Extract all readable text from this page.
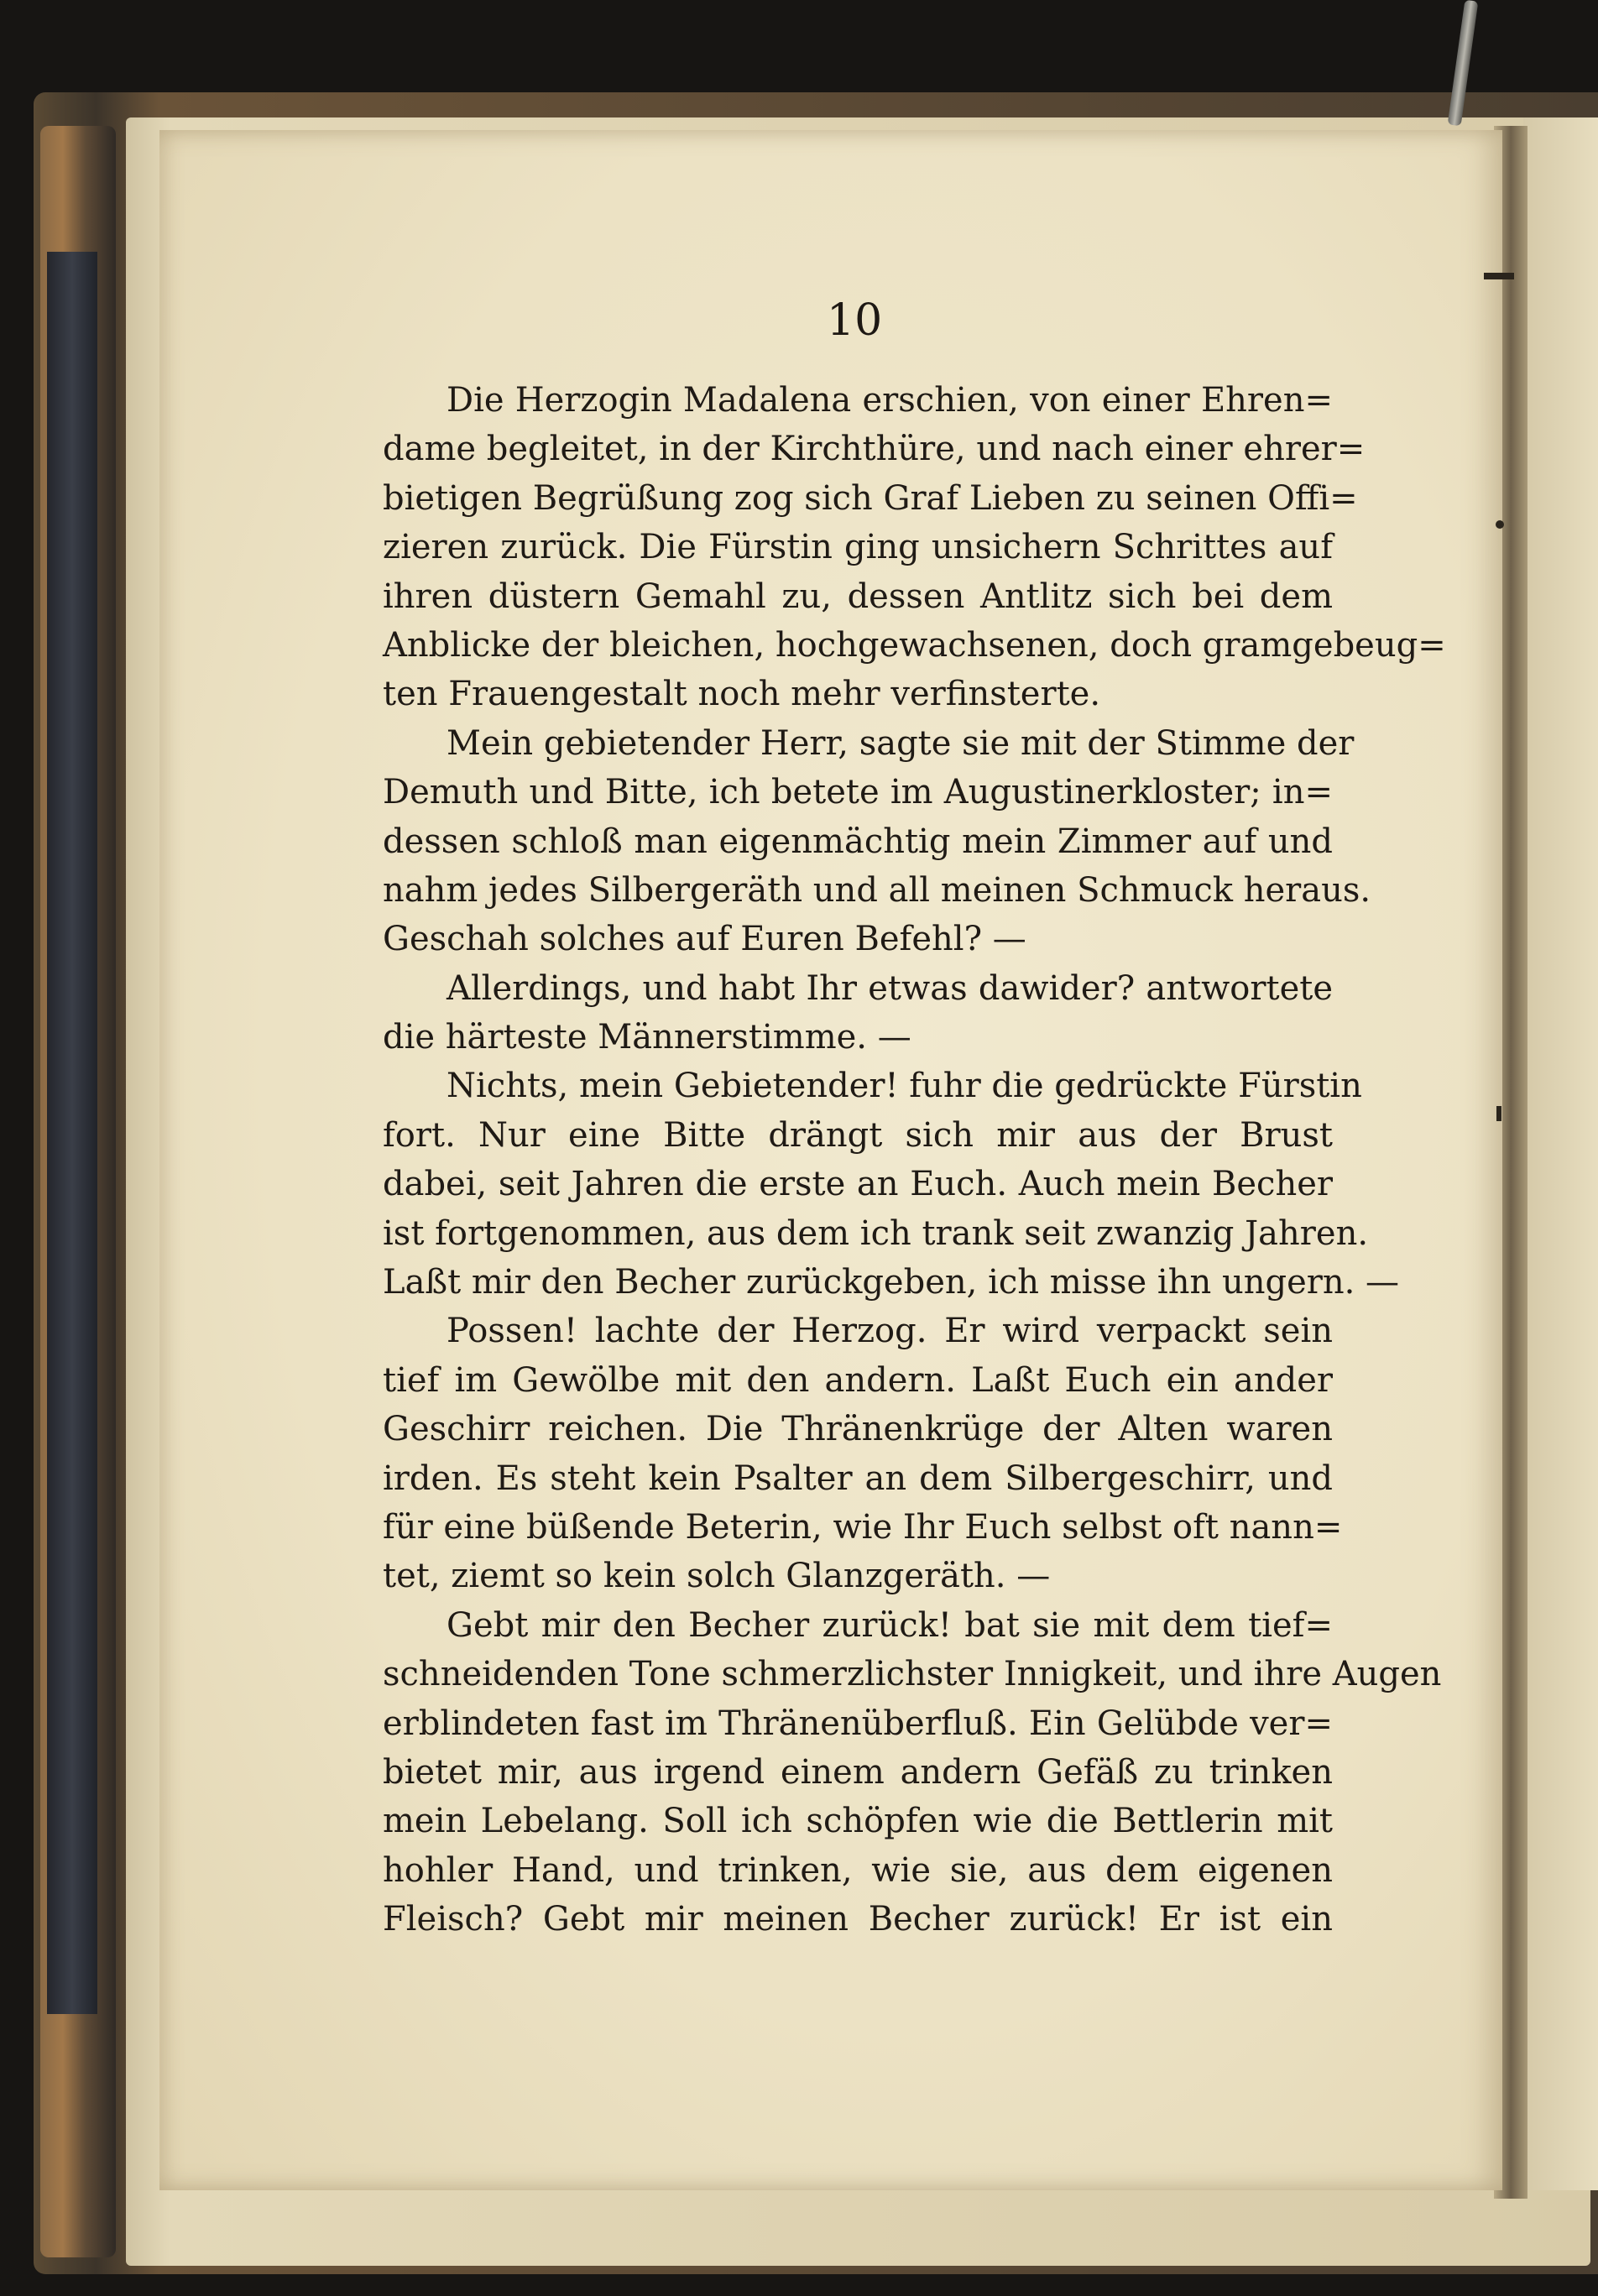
10
Die Herzogin Madalena erschien, von einer Ehren=
dame begleitet, in der Kirchthüre, und nach einer ehrer=
bietigen Begrüßung zog sich Graf Lieben zu seinen Offi=
zieren zurück. Die Fürstin ging unsichern Schrittes auf
ihren düstern Gemahl zu, dessen Antlitz sich bei dem
Anblicke der bleichen, hochgewachsenen, doch gramgebeug=
ten Frauengestalt noch mehr verfinsterte.
Mein gebietender Herr, sagte sie mit der Stimme der
Demuth und Bitte, ich betete im Augustinerkloster; in=
dessen schloß man eigenmächtig mein Zimmer auf und
nahm jedes Silbergeräth und all meinen Schmuck heraus.
Geschah solches auf Euren Befehl? —
Allerdings, und habt Ihr etwas dawider? antwortete
die härteste Männerstimme. —
Nichts, mein Gebietender! fuhr die gedrückte Fürstin
fort. Nur eine Bitte drängt sich mir aus der Brust
dabei, seit Jahren die erste an Euch. Auch mein Becher
ist fortgenommen, aus dem ich trank seit zwanzig Jahren.
Laßt mir den Becher zurückgeben, ich misse ihn ungern. —
Possen! lachte der Herzog. Er wird verpackt sein
tief im Gewölbe mit den andern. Laßt Euch ein ander
Geschirr reichen. Die Thränenkrüge der Alten waren
irden. Es steht kein Psalter an dem Silbergeschirr, und
für eine büßende Beterin, wie Ihr Euch selbst oft nann=
tet, ziemt so kein solch Glanzgeräth. —
Gebt mir den Becher zurück! bat sie mit dem tief=
schneidenden Tone schmerzlichster Innigkeit, und ihre Augen
erblindeten fast im Thränenüberfluß. Ein Gelübde ver=
bietet mir, aus irgend einem andern Gefäß zu trinken
mein Lebelang. Soll ich schöpfen wie die Bettlerin mit
hohler Hand, und trinken, wie sie, aus dem eigenen
Fleisch? Gebt mir meinen Becher zurück! Er ist ein
